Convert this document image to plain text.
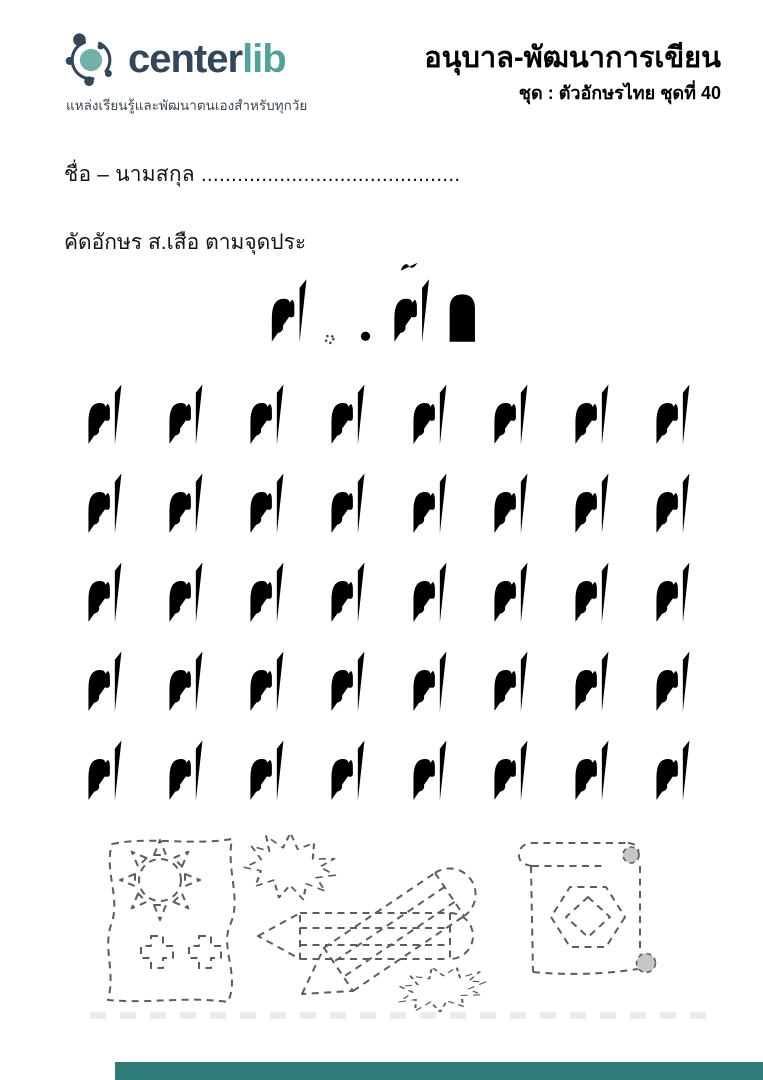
centerlib
แหล่งเรียนรู้และพัฒนาตนเองสำหรับทุกวัย
อนุบาล-พัฒนาการเขียน
ชุด : ตัวอักษรไทย ชุดที่ 40
ชื่อ – นามสกุล ...........................................
คัดอักษร ส.เสือ ตามจุดประ
